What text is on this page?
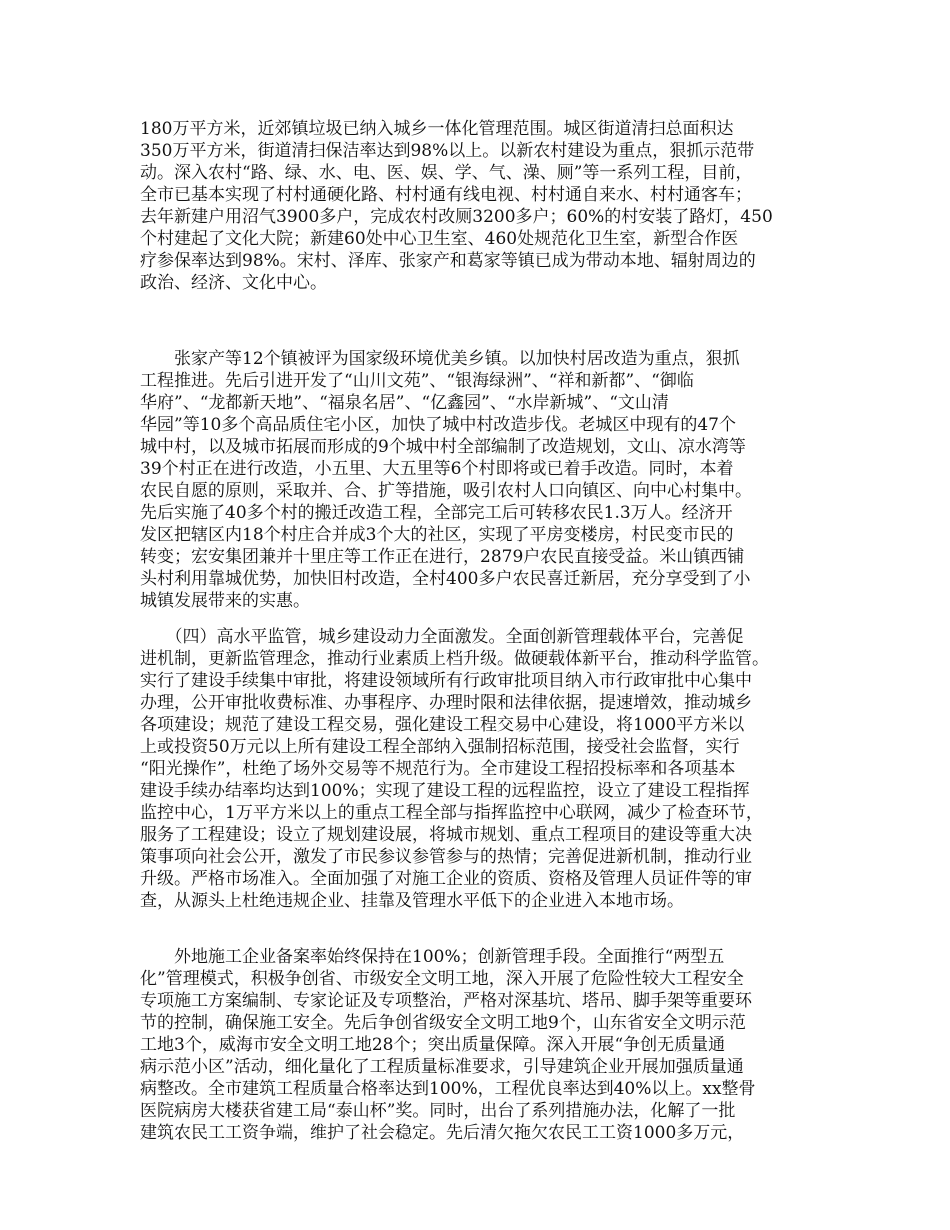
180万平方米，近郊镇垃圾已纳入城乡一体化管理范围。城区街道清扫总面积达
350万平方米，街道清扫保洁率达到98%以上。以新农村建设为重点，狠抓示范带
动。深入农村“路、绿、水、电、医、娱、学、气、澡、厕”等一系列工程，目前，
全市已基本实现了村村通硬化路、村村通有线电视、村村通自来水、村村通客车；
去年新建户用沼气3900多户，完成农村改厕3200多户；60%的村安装了路灯，450
个村建起了文化大院；新建60处中心卫生室、460处规范化卫生室，新型合作医
疗参保率达到98%。宋村、泽库、张家产和葛家等镇已成为带动本地、辐射周边的
政治、经济、文化中心。
　　张家产等12个镇被评为国家级环境优美乡镇。以加快村居改造为重点，狠抓
工程推进。先后引进开发了“山川文苑”、“银海绿洲”、“祥和新都”、“御临
华府”、“龙都新天地”、“福泉名居”、“亿鑫园”、“水岸新城”、“文山清
华园”等10多个高品质住宅小区，加快了城中村改造步伐。老城区中现有的47个
城中村，以及城市拓展而形成的9个城中村全部编制了改造规划，文山、凉水湾等
39个村正在进行改造，小五里、大五里等6个村即将或已着手改造。同时，本着
农民自愿的原则，采取并、合、扩等措施，吸引农村人口向镇区、向中心村集中。
先后实施了40多个村的搬迁改造工程，全部完工后可转移农民1.3万人。经济开
发区把辖区内18个村庄合并成3个大的社区，实现了平房变楼房，村民变市民的
转变；宏安集团兼并十里庄等工作正在进行，2879户农民直接受益。米山镇西铺
头村利用靠城优势，加快旧村改造，全村400多户农民喜迁新居，充分享受到了小
城镇发展带来的实惠。
　　（四）高水平监管，城乡建设动力全面激发。全面创新管理载体平台，完善促
进机制，更新监管理念，推动行业素质上档升级。做硬载体新平台，推动科学监管。
实行了建设手续集中审批，将建设领域所有行政审批项目纳入市行政审批中心集中
办理，公开审批收费标准、办事程序、办理时限和法律依据，提速增效，推动城乡
各项建设；规范了建设工程交易，强化建设工程交易中心建设，将1000平方米以
上或投资50万元以上所有建设工程全部纳入强制招标范围，接受社会监督，实行
“阳光操作”，杜绝了场外交易等不规范行为。全市建设工程招投标率和各项基本
建设手续办结率均达到100%；实现了建设工程的远程监控，设立了建设工程指挥
监控中心，1万平方米以上的重点工程全部与指挥监控中心联网，减少了检查环节，
服务了工程建设；设立了规划建设展，将城市规划、重点工程项目的建设等重大决
策事项向社会公开，激发了市民参议参管参与的热情；完善促进新机制，推动行业
升级。严格市场准入。全面加强了对施工企业的资质、资格及管理人员证件等的审
查，从源头上杜绝违规企业、挂靠及管理水平低下的企业进入本地市场。
　　外地施工企业备案率始终保持在100%；创新管理手段。全面推行“两型五
化”管理模式，积极争创省、市级安全文明工地，深入开展了危险性较大工程安全
专项施工方案编制、专家论证及专项整治，严格对深基坑、塔吊、脚手架等重要环
节的控制，确保施工安全。先后争创省级安全文明工地9个，山东省安全文明示范
工地3个，威海市安全文明工地28个；突出质量保障。深入开展“争创无质量通
病示范小区”活动，细化量化了工程质量标准要求，引导建筑企业开展加强质量通
病整改。全市建筑工程质量合格率达到100%，工程优良率达到40%以上。xx整骨
医院病房大楼获省建工局“泰山杯”奖。同时，出台了系列措施办法，化解了一批
建筑农民工工资争端，维护了社会稳定。先后清欠拖欠农民工工资1000多万元，
